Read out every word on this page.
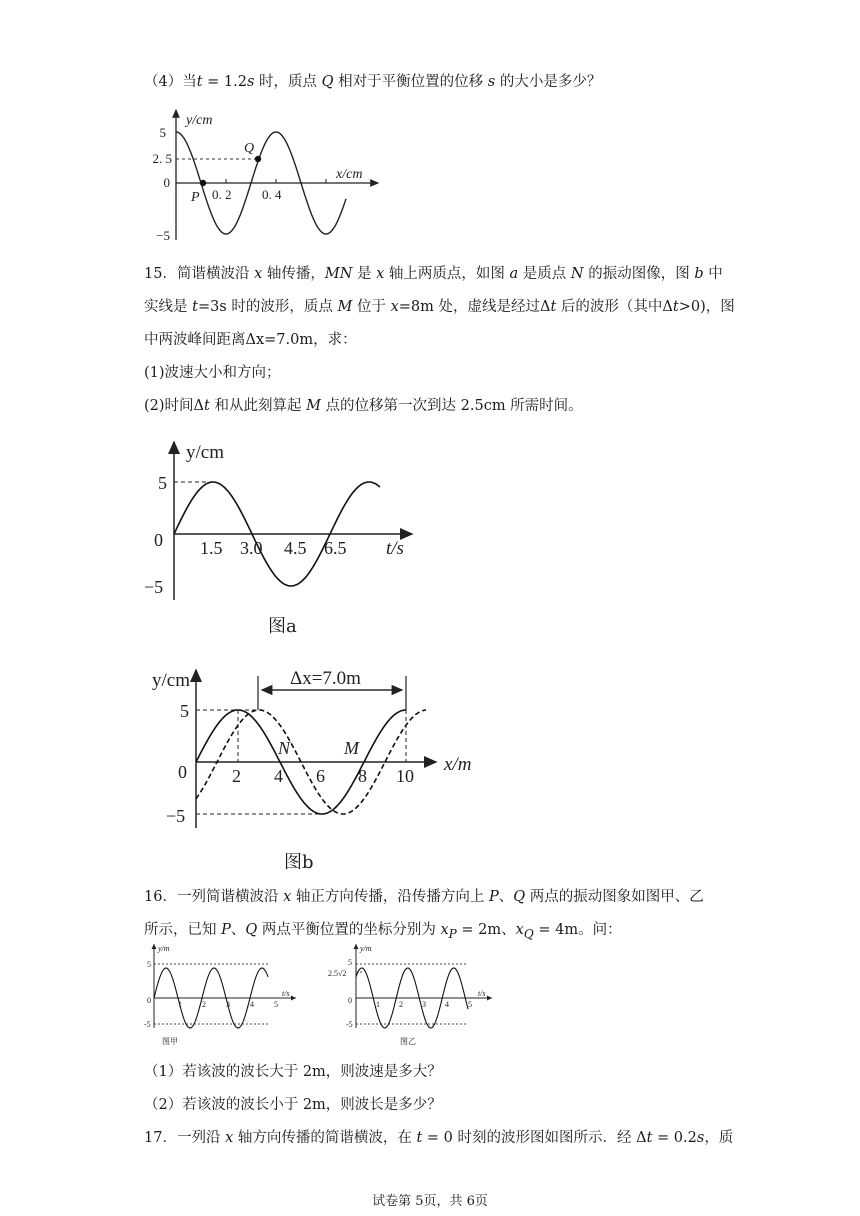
（4）当t = 1.2s 时，质点 Q 相对于平衡位置的位移 s 的大小是多少？
y/cm
x/cm
5
2. 5
0
−5
0. 2 0. 4
P
Q
15．简谐横波沿 x 轴传播，MN 是 x 轴上两质点，如图 a 是质点 N 的振动图像，图 b 中
实线是 t=3s 时的波形，质点 M 位于 x=8m 处，虚线是经过Δt 后的波形（其中Δt>0)，图
中两波峰间距离Δx=7.0m，求：
(1)波速大小和方向；
(2)时间Δt 和从此刻算起 M 点的位移第一次到达 2.5cm 所需时间。
y/cm
t/s
5
0
−5
1.5 3.0 4.5 6.5
图a
y/cm
x/m
5
0
−5
2 4 6 8 10
Δx=7.0m
N	M
图b
16．一列简谐横波沿 x 轴正方向传播，沿传播方向上 P、Q 两点的振动图象如图甲、乙
所示，已知 P、Q 两点平衡位置的坐标分别为 $x_P = 2m$、$x_Q = 4m$。问：
y/m
t/s
5
0
-5
1	2	3	4	5
图甲
y/m
t/s
5
2.5√2
0
-5
1 2 3 4 5
图乙
（1）若该波的波长大于 2m，则波速是多大？
（2）若该波的波长小于 2m，则波长是多少？
17．一列沿 x 轴方向传播的简谐横波，在 t = 0 时刻的波形图如图所示．经 Δt = 0.2s，质
试卷第 5页，共 6页
